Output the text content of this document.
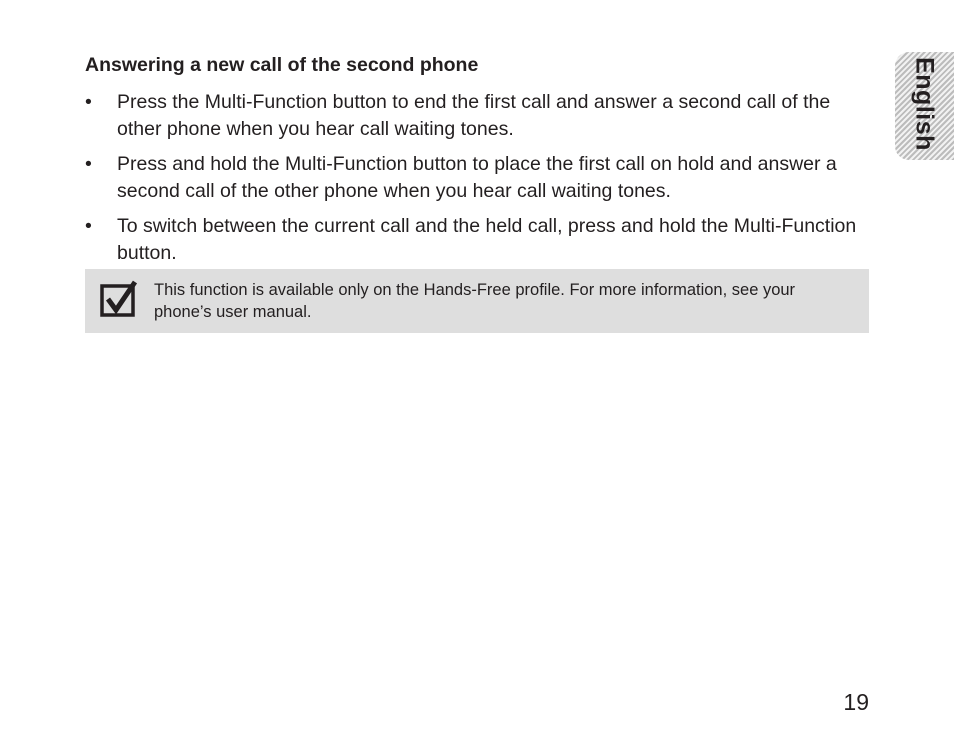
Answering a new call of the second phone
• Press the Multi-Function button to end the first call and answer a second call of the other phone when you hear call waiting tones.
• Press and hold the Multi-Function button to place the first call on hold and answer a second call of the other phone when you hear call waiting tones.
• To switch between the current call and the held call, press and hold the Multi-Function button.

This function is available only on the Hands-Free profile. For more information, see your phone’s user manual.

English
19
